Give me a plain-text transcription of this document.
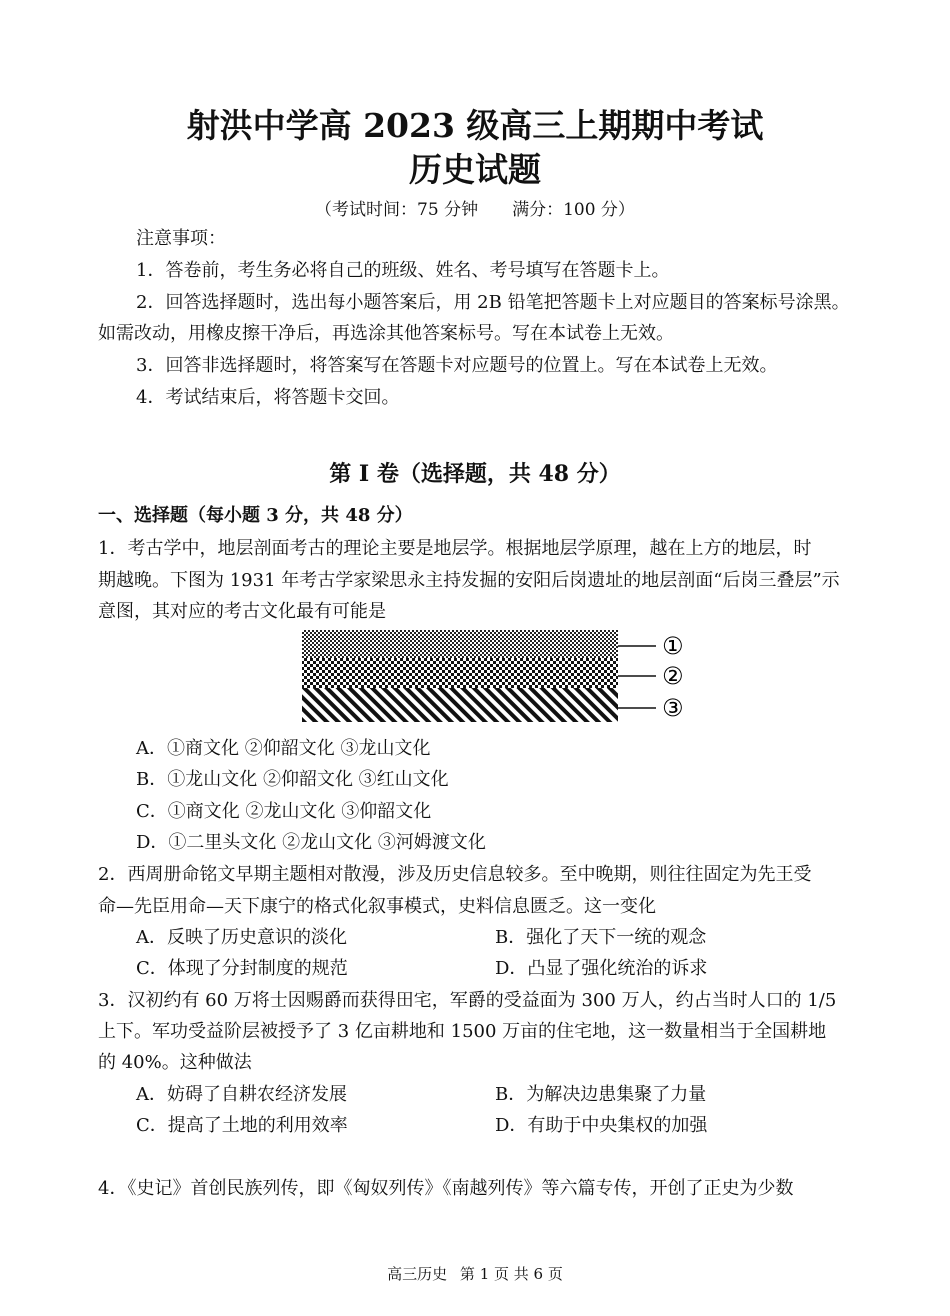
射洪中学高 2023 级高三上期期中考试
历史试题
（考试时间：75 分钟　　满分：100 分）
注意事项：
1．答卷前，考生务必将自己的班级、姓名、考号填写在答题卡上。
2．回答选择题时，选出每小题答案后，用 2B 铅笔把答题卡上对应题目的答案标号涂黑。
如需改动，用橡皮擦干净后，再选涂其他答案标号。写在本试卷上无效。
3．回答非选择题时，将答案写在答题卡对应题号的位置上。写在本试卷上无效。
4．考试结束后，将答题卡交回。
第 I 卷（选择题，共 48 分）
一、选择题（每小题 3 分，共 48 分）
1．考古学中，地层剖面考古的理论主要是地层学。根据地层学原理，越在上方的地层，时
期越晚。下图为 1931 年考古学家梁思永主持发掘的安阳后岗遗址的地层剖面“后岗三叠层”示
意图，其对应的考古文化最有可能是
①
②
③
A．①商文化 ②仰韶文化 ③龙山文化
B．①龙山文化 ②仰韶文化 ③红山文化
C．①商文化 ②龙山文化 ③仰韶文化
D．①二里头文化 ②龙山文化 ③河姆渡文化
2．西周册命铭文早期主题相对散漫，涉及历史信息较多。至中晚期，则往往固定为先王受
命—先臣用命—天下康宁的格式化叙事模式，史料信息匮乏。这一变化
A．反映了历史意识的淡化	B．强化了天下一统的观念
C．体现了分封制度的规范	D．凸显了强化统治的诉求
3．汉初约有 60 万将士因赐爵而获得田宅，军爵的受益面为 300 万人，约占当时人口的 1/5
上下。军功受益阶层被授予了 3 亿亩耕地和 1500 万亩的住宅地，这一数量相当于全国耕地
的 40%。这种做法
A．妨碍了自耕农经济发展	B．为解决边患集聚了力量
C．提高了土地的利用效率	D．有助于中央集权的加强
4．《史记》首创民族列传，即《匈奴列传》《南越列传》等六篇专传，开创了正史为少数
高三历史 第 1 页 共 6 页
